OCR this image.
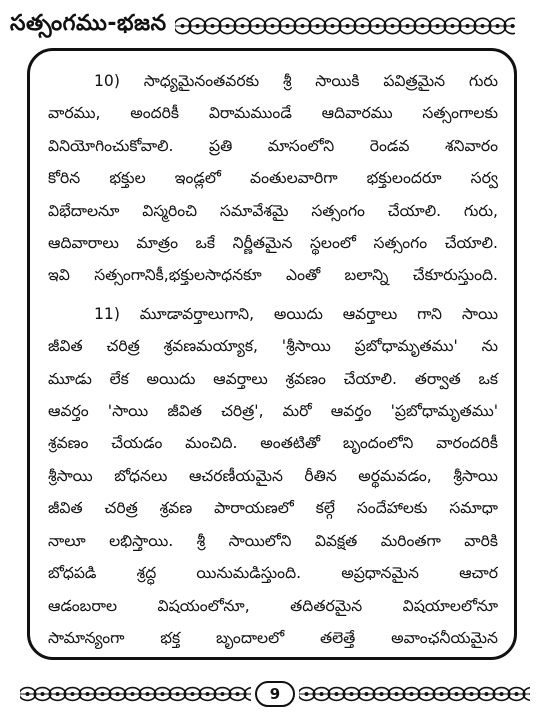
సత్సంగము-భజన
10) సాధ్యమైనంతవరకు శ్రీ సాయికి పవిత్రమైన గురు
వారము, అందరికీ విరామముండే ఆదివారము సత్సంగాలకు
వినియోగించుకోవాలి. ప్రతి మాసంలోని రెండవ శనివారం
కోరిన భక్తుల ఇండ్లలో వంతులవారిగా భక్తులందరూ సర్వ
విభేదాలనూ విస్మరించి సమావేశమై సత్సంగం చేయాలి. గురు,
ఆదివారాలు మాత్రం ఒకే నిర్ణీతమైన స్థలంలో సత్సంగం చేయాలి.
ఇవి సత్సంగానికీ,భక్తులసాధనకూ ఎంతో బలాన్ని చేకూరుస్తుంది.
11) మూడావర్తాలుగాని, అయిదు ఆవర్తాలు గాని సాయి
జీవిత చరిత్ర శ్రవణమయ్యాక, 'శ్రీసాయి ప్రబోధామృతము' ను
మూడు లేక అయిదు ఆవర్తాలు శ్రవణం చేయాలి. తర్వాత ఒక
ఆవర్తం 'సాయి జీవిత చరిత్ర', మరో ఆవర్తం 'ప్రబోధామృతము'
శ్రవణం చేయడం మంచిది. అంతటితో బృందంలోని వారందరికీ
శ్రీసాయి బోధనలు ఆచరణీయమైన రీతిన అర్థమవడం, శ్రీసాయి
జీవిత చరిత్ర శ్రవణ పారాయణలో కల్గే సందేహాలకు సమాధా
నాలూ లభిస్తాయి. శ్రీ సాయిలోని వివక్షత మరింతగా వారికి
బోధపడి శ్రద్ధ యినుమడిస్తుంది. అప్రధానమైన ఆచార
ఆడంబరాల విషయంలోనూ, తదితరమైన విషయాలలోనూ
సామాన్యంగా భక్త బృందాలలో తలెత్తే అవాంఛనీయమైన
9
